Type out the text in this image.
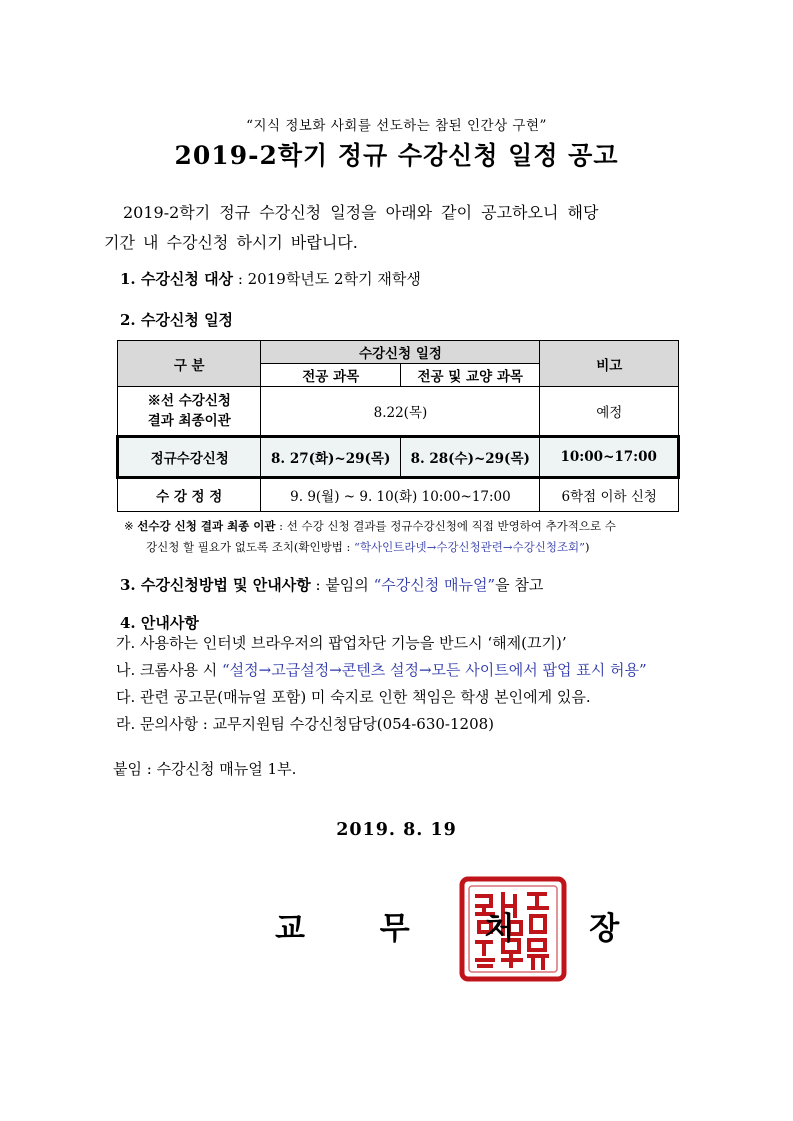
“지식 정보화 사회를 선도하는 참된 인간상 구현”
2019-2학기 정규 수강신청 일정 공고
2019-2학기 정규 수강신청 일정을 아래와 같이 공고하오니 해당
기간 내 수강신청 하시기 바랍니다.
1. 수강신청 대상 : 2019학년도 2학기 재학생
2. 수강신청 일정
구 분	수강신청 일정		비고
	전공 과목	전공 및 교양 과목	

※선 수강신청
결과 최종이관	8.22(목)		예정
정규수강신청	8. 27(화)~29(목)	8. 28(수)~29(목)	10:00~17:00
수 강 정 정	9. 9(월) ~ 9. 10(화) 10:00~17:00		6학점 이하 신청
※ 선수강 신청 결과 최종 이관 : 선 수강 신청 결과를 정규수강신청에 직접 반영하여 추가적으로 수
강신청 할 필요가 없도록 조치(확인방법 : “학사인트라넷→수강신청관련→수강신청조회”)
3. 수강신청방법 및 안내사항 : 붙임의 “수강신청 매뉴얼”을 참고
4. 안내사항
가. 사용하는 인터넷 브라우저의 팝업차단 기능을 반드시 ‘해제(끄기)’
나. 크롬사용 시 “설정→고급설정→콘텐츠 설정→모든 사이트에서 팝업 표시 허용”
다. 관련 공고문(매뉴얼 포함) 미 숙지로 인한 책임은 학생 본인에게 있음.
라. 문의사항 : 교무지원팀 수강신청담당(054-630-1208)
붙임 : 수강신청 매뉴얼 1부.
2019. 8. 19
교 무 처 장
